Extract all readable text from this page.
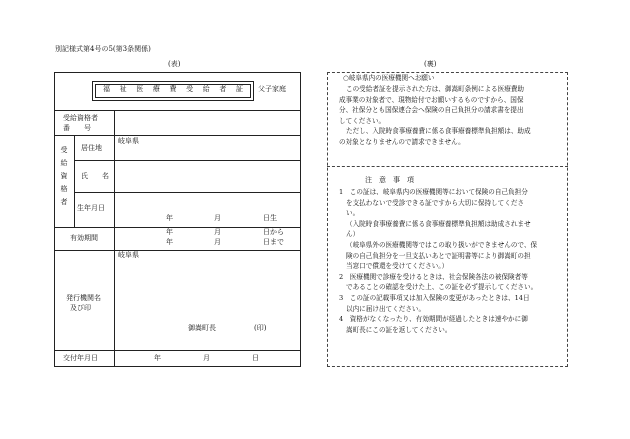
別記様式第4号の5(第3条関係)
(表)
福 祉 医 療 費 受 給 者 証 父子家庭
受給資格者
番　　号
受
給
資
格
者
居住地
岐阜県
氏　　名
生年月日
年	月	日生
有効期間
年	月	日から
年	月	日まで
発行機関名
及び印
岐阜県
御嵩町長	(印)
交付年月日	年	月	日
(裏)
○岐阜県内の医療機関へお願い
この受給者証を提示された方は、御嵩町条例による医療費助
成事業の対象者で、現物給付でお願いするものですから、国保
分、社保分とも国保連合会へ保険の自己負担分の請求書を提出
してください。
ただし、入院時食事療養費に係る食事療養標準負担額は、助成
の対象となりませんので請求できません。
注　意　事　項
1　この証は、岐阜県内の医療機関等において保険の自己負担分
を支払わないで受診できる証ですから大切に保持してくださ
い。
（入院時食事療養費に係る食事療養標準負担額は助成されませ
ん）
（岐阜県外の医療機関等ではこの取り扱いができませんので、保
険の自己負担分を一旦支払いあとで証明書等により御嵩町の担
当窓口で償還を受けてください。）
2　医療機関で診療を受けるときは、社会保険各法の被保険者等
であることの確認を受けた上、この証を必ず提示してください。
3　この証の記載事項又は加入保険の変更があったときは、14日
以内に届け出てください。
4　資格がなくなったり、有効期間が経過したときは速やかに御
嵩町長にこの証を返してください。
